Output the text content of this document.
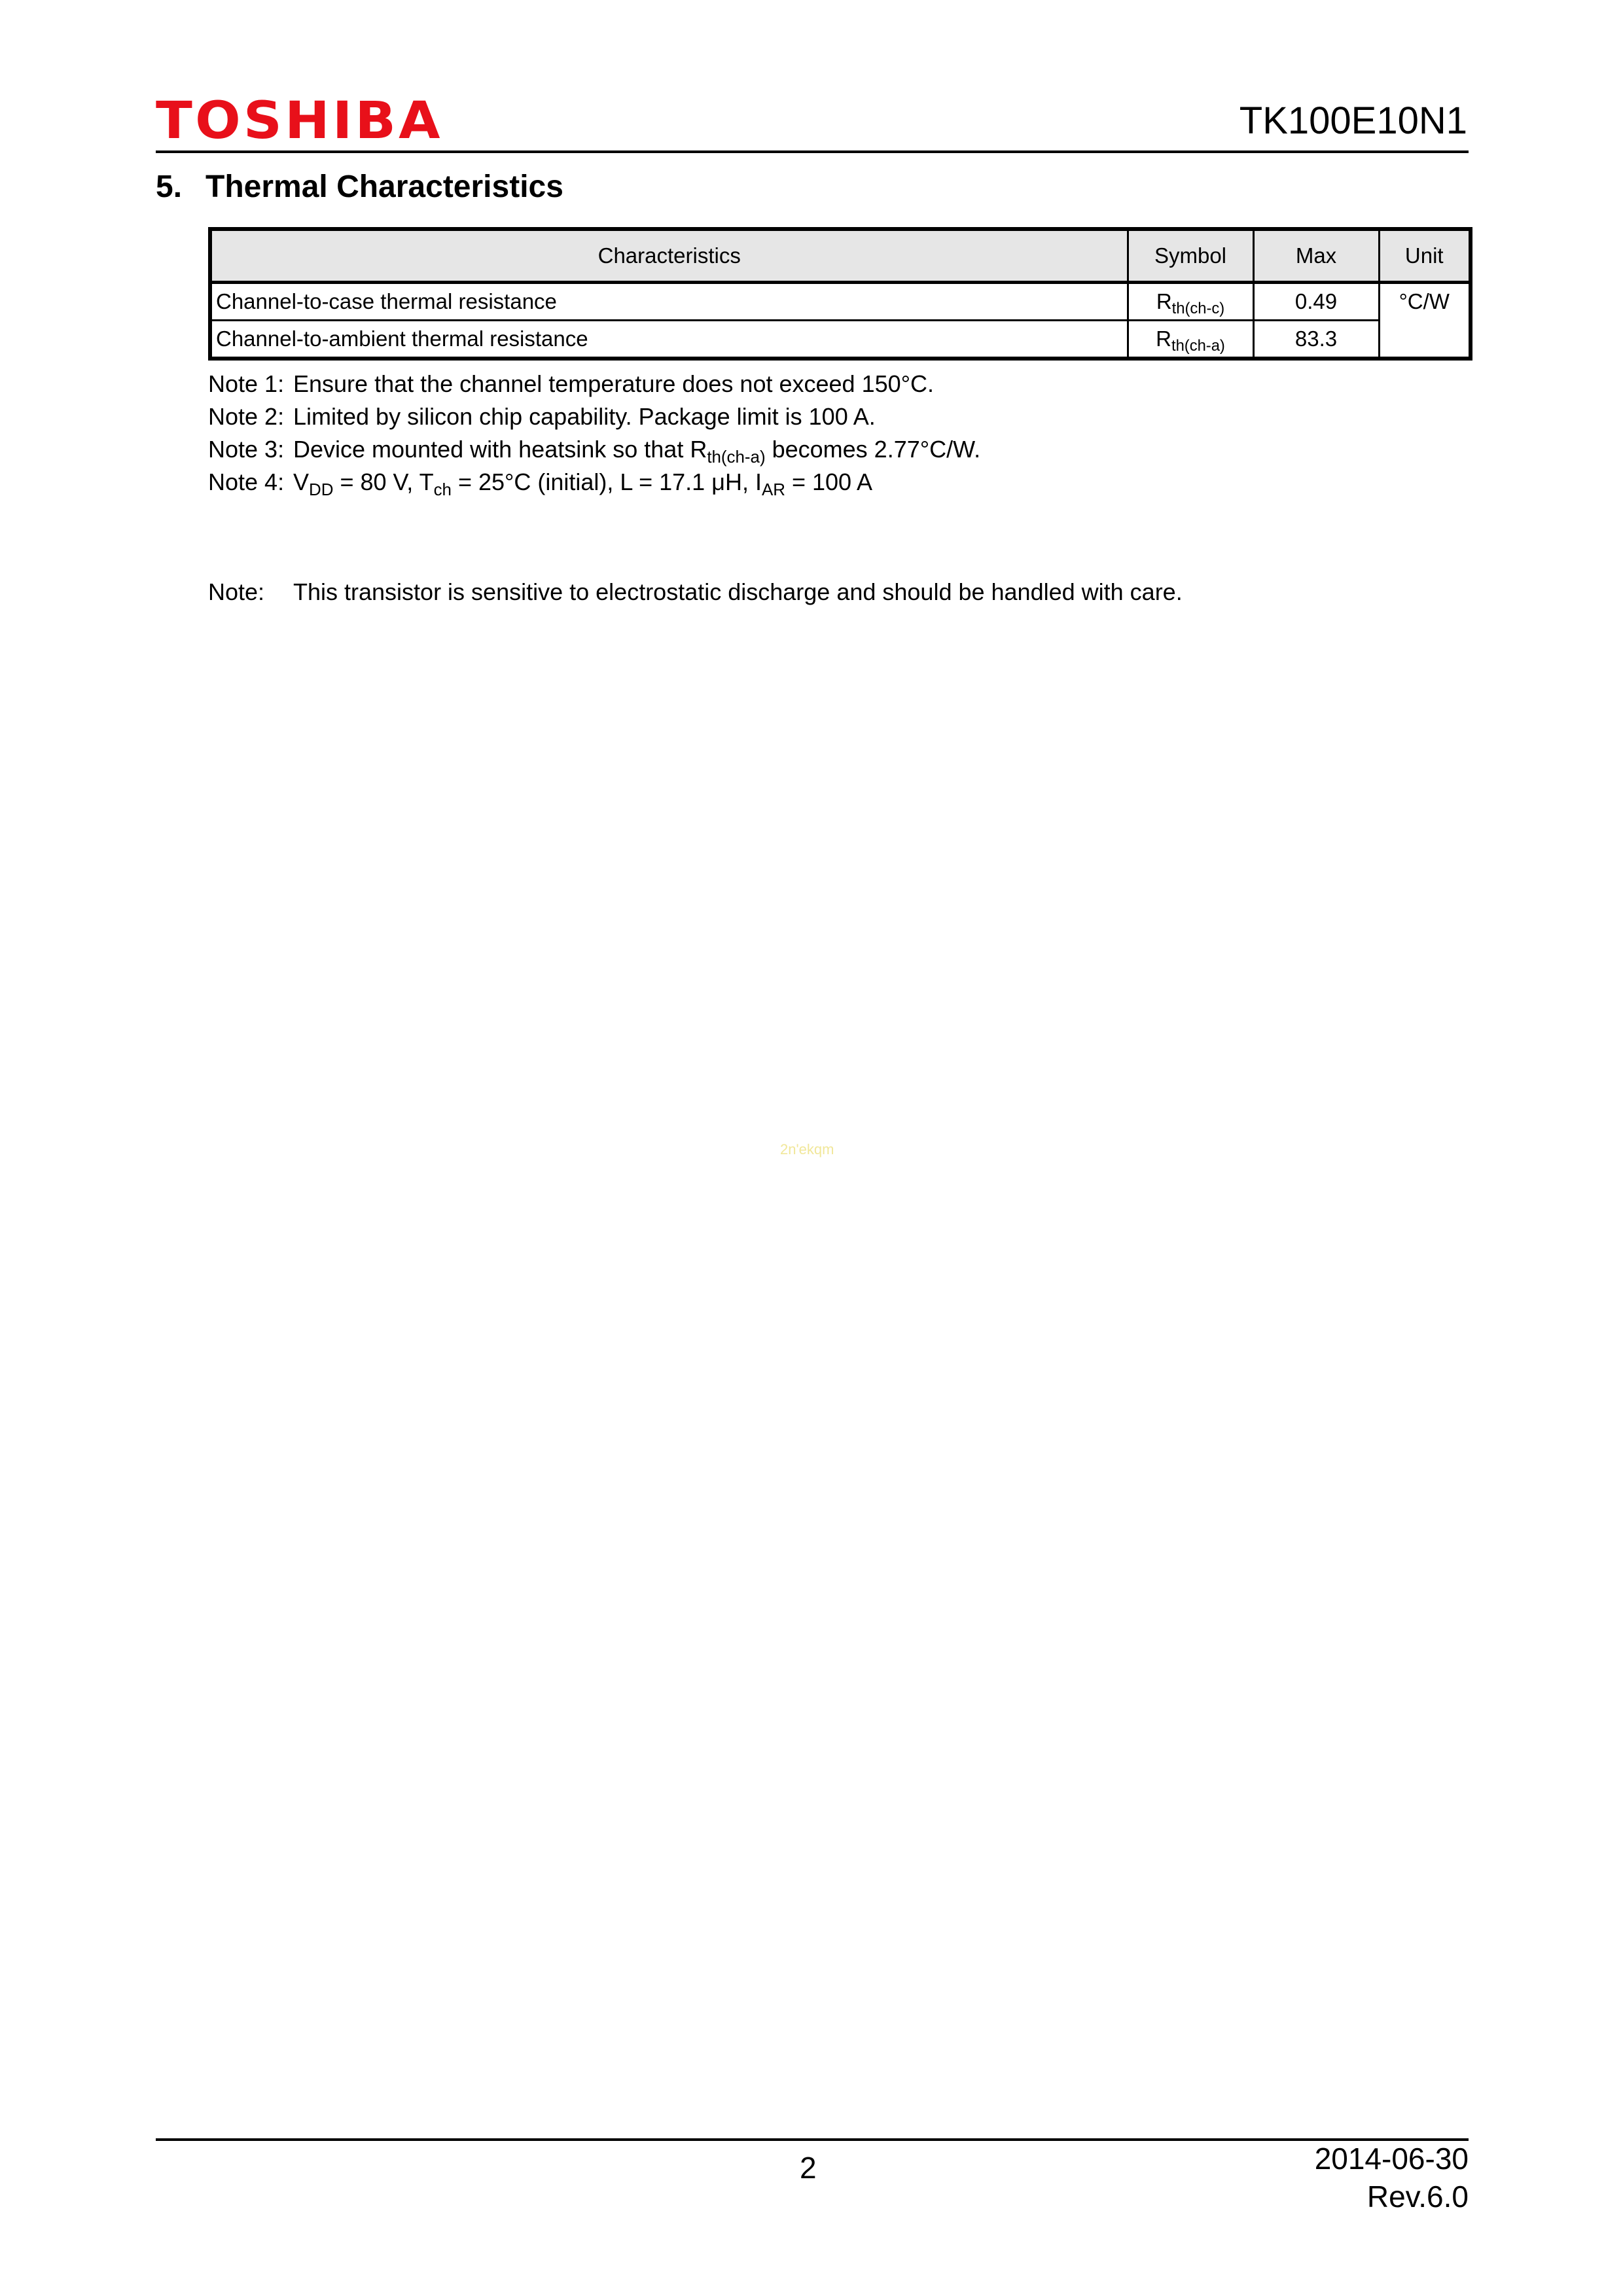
TOSHIBA	TK100E10N1
5. Thermal Characteristics
Characteristics	Symbol	Max	Unit
Channel-to-case thermal resistance	$R_{th(ch-c)}$	0.49	°C/W
Channel-to-ambient thermal resistance	$R_{th(ch-a)}$	83.3	
Note 1: Ensure that the channel temperature does not exceed 150°C.
Note 2: Limited by silicon chip capability. Package limit is 100 A.
Note 3: Device mounted with heatsink so that $R_{th(ch-a)}$ becomes 2.77°C/W.
Note 4: $V_{DD} = 80$ V, $T_{ch} = 25^\circ C$ (initial), L = 17.1 μH, $I_{AR} = 100$ A
Note: This transistor is sensitive to electrostatic discharge and should be handled with care.
2n'ekqm
2	2014-06-30
Rev.6.0
